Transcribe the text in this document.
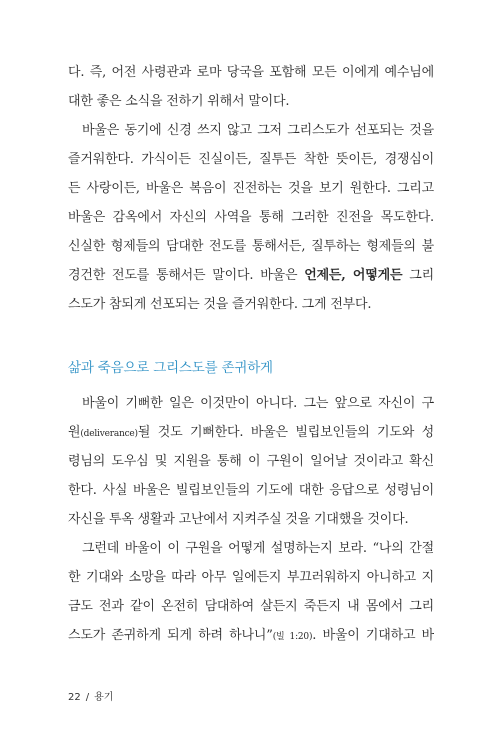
다. 즉, 어전 사령관과 로마 당국을 포함해 모든 이에게 예수님에
대한 좋은 소식을 전하기 위해서 말이다.

바울은 동기에 신경 쓰지 않고 그저 그리스도가 선포되는 것을
즐거워한다. 가식이든 진실이든, 질투든 착한 뜻이든, 경쟁심이
든 사랑이든, 바울은 복음이 진전하는 것을 보기 원한다. 그리고
바울은 감옥에서 자신의 사역을 통해 그러한 진전을 목도한다.
신실한 형제들의 담대한 전도를 통해서든, 질투하는 형제들의 불
경건한 전도를 통해서든 말이다. 바울은 언제든, 어떻게든 그리
스도가 참되게 선포되는 것을 즐거워한다. 그게 전부다.

삶과 죽음으로 그리스도를 존귀하게

바울이 기뻐한 일은 이것만이 아니다. 그는 앞으로 자신이 구
원(deliverance)될 것도 기뻐한다. 바울은 빌립보인들의 기도와 성
령님의 도우심 및 지원을 통해 이 구원이 일어날 것이라고 확신
한다. 사실 바울은 빌립보인들의 기도에 대한 응답으로 성령님이
자신을 투옥 생활과 고난에서 지켜주실 것을 기대했을 것이다.

그런데 바울이 이 구원을 어떻게 설명하는지 보라. “나의 간절
한 기대와 소망을 따라 아무 일에든지 부끄러워하지 아니하고 지
금도 전과 같이 온전히 담대하여 살든지 죽든지 내 몸에서 그리
스도가 존귀하게 되게 하려 하나니”(빌 1:20). 바울이 기대하고 바

22 / 용기
